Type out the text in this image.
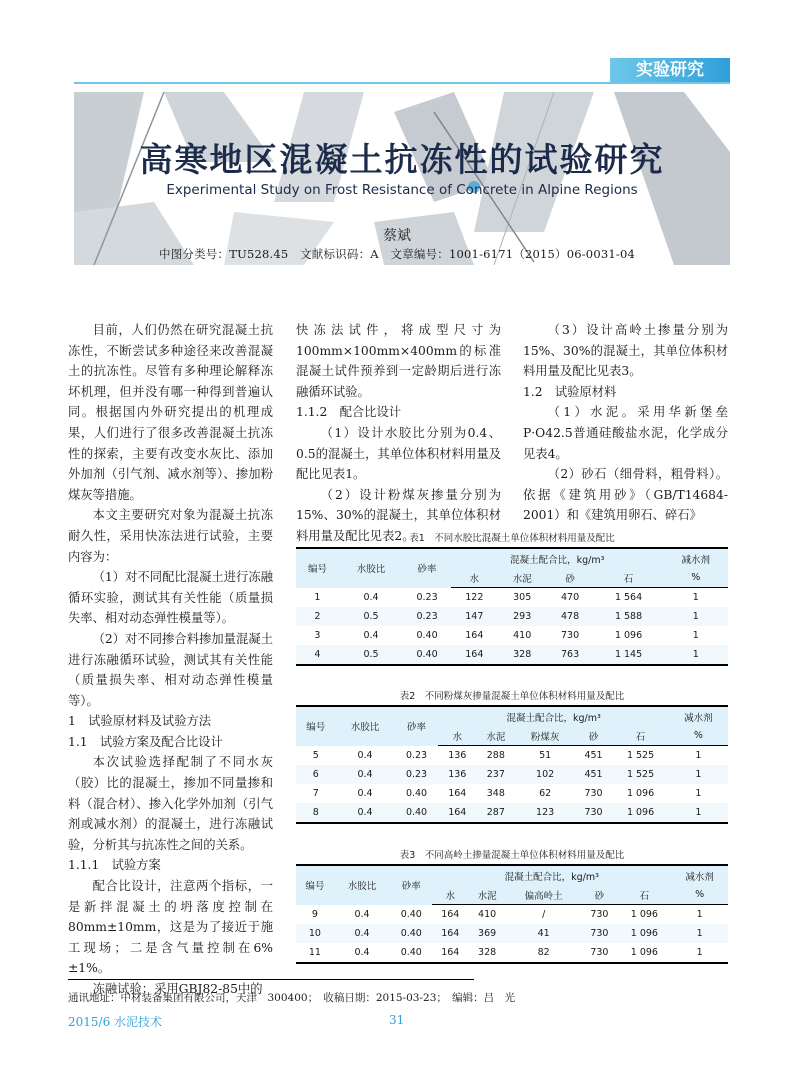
实验研究
高寒地区混凝土抗冻性的试验研究
Experimental Study on Frost Resistance of Concrete in Alpine Regions
蔡斌
中图分类号：TU528.45　文献标识码：A　文章编号：1001-6171（2015）06-0031-04

目前，人们仍然在研究混凝土抗冻性，不断尝试多种途径来改善混凝土的抗冻性。尽管有多种理论解释冻坏机理，但并没有哪一种得到普遍认同。根据国内外研究提出的机理成果，人们进行了很多改善混凝土抗冻性的探索，主要有改变水灰比、添加外加剂（引气剂、减水剂等）、掺加粉煤灰等措施。

本文主要研究对象为混凝土抗冻耐久性，采用快冻法进行试验，主要内容为：

（1）对不同配比混凝土进行冻融循环实验，测试其有关性能（质量损失率、相对动态弹性模量等）。

（2）对不同掺合料掺加量混凝土进行冻融循环试验，测试其有关性能（质量损失率、相对动态弹性模量等）。

1　试验原材料及试验方法

1.1　试验方案及配合比设计

本次试验选择配制了不同水灰（胶）比的混凝土，掺加不同量掺和料（混合材）、掺入化学外加剂（引气剂或减水剂）的混凝土，进行冻融试验，分析其与抗冻性之间的关系。

1.1.1　试验方案

配合比设计，注意两个指标，一是新拌混凝土的坍落度控制在80mm±10mm，这是为了接近于施工现场；二是含气量控制在6%±1%。

冻融试验：采用GBJ82-85中的

快冻法试件，将成型尺寸为100mm×100mm×400mm的标准混凝土试件预养到一定龄期后进行冻融循环试验。

1.1.2　配合比设计

（1）设计水胶比分别为0.4、0.5的混凝土，其单位体积材料用量及配比见表1。

（2）设计粉煤灰掺量分别为15%、30%的混凝土，其单位体积材料用量及配比见表2。

（3）设计高岭土掺量分别为15%、30%的混凝土，其单位体积材料用量及配比见表3。

1.2　试验原材料

（1）水泥。采用华新堡垒P·O42.5普通硅酸盐水泥，化学成分见表4。

（2）砂石（细骨料，粗骨料）。依据《建筑用砂》（GB/T14684-2001）和《建筑用卵石、碎石》

表1　不同水胶比混凝土单位体积材料用量及配比
编号	水胶比	砂率	混凝土配合比，kg/m³				减水剂
			水	水泥	砂	石	%
1	0.4	0.23	122	305	470	1 564	1
2	0.5	0.23	147	293	478	1 588	1
3	0.4	0.40	164	410	730	1 096	1
4	0.5	0.40	164	328	763	1 145	1
表2　不同粉煤灰掺量混凝土单位体积材料用量及配比
编号	水胶比	砂率	混凝土配合比，kg/m³					减水剂
			水	水泥	粉煤灰	砂	石	%
5	0.4	0.23	136	288	51	451	1 525	1
6	0.4	0.23	136	237	102	451	1 525	1
7	0.4	0.40	164	348	62	730	1 096	1
8	0.4	0.40	164	287	123	730	1 096	1
表3　不同高岭土掺量混凝土单位体积材料用量及配比
编号	水胶比	砂率	混凝土配合比，kg/m³					减水剂
			水	水泥	偏高岭土	砂	石	%
9	0.4	0.40	164	410	/	730	1 096	1
10	0.4	0.40	164	369	41	730	1 096	1
11	0.4	0.40	164	328	82	730	1 096	1
通讯地址：中材装备集团有限公司，天津　300400；　收稿日期：2015-03-23；　编辑：吕　光
2015/6 水泥技术	31
